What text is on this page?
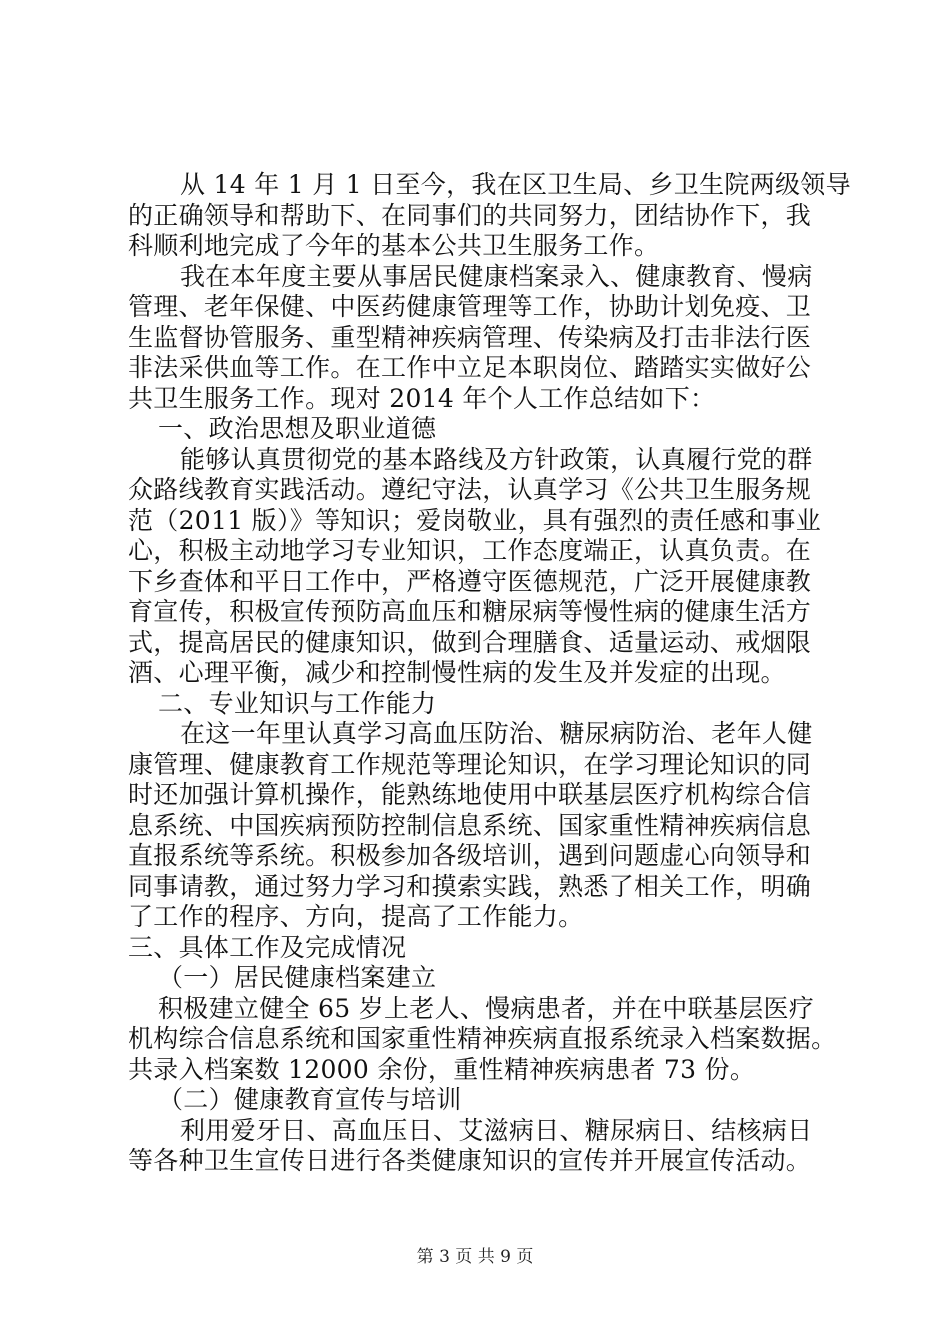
从 14 年 1 月 1 日至今，我在区卫生局、乡卫生院两级领导
的正确领导和帮助下、在同事们的共同努力，团结协作下，我
科顺利地完成了今年的基本公共卫生服务工作。
我在本年度主要从事居民健康档案录入、健康教育、慢病
管理、老年保健、中医药健康管理等工作，协助计划免疫、卫
生监督协管服务、重型精神疾病管理、传染病及打击非法行医
非法采供血等工作。在工作中立足本职岗位、踏踏实实做好公
共卫生服务工作。现对 2014 年个人工作总结如下：
一、政治思想及职业道德
能够认真贯彻党的基本路线及方针政策，认真履行党的群
众路线教育实践活动。遵纪守法，认真学习《公共卫生服务规
范（2011 版）》等知识；爱岗敬业，具有强烈的责任感和事业
心，积极主动地学习专业知识，工作态度端正，认真负责。在
下乡查体和平日工作中，严格遵守医德规范，广泛开展健康教
育宣传，积极宣传预防高血压和糖尿病等慢性病的健康生活方
式，提高居民的健康知识，做到合理膳食、适量运动、戒烟限
酒、心理平衡，减少和控制慢性病的发生及并发症的出现。
二、专业知识与工作能力
在这一年里认真学习高血压防治、糖尿病防治、老年人健
康管理、健康教育工作规范等理论知识，在学习理论知识的同
时还加强计算机操作，能熟练地使用中联基层医疗机构综合信
息系统、中国疾病预防控制信息系统、国家重性精神疾病信息
直报系统等系统。积极参加各级培训，遇到问题虚心向领导和
同事请教，通过努力学习和摸索实践，熟悉了相关工作，明确
了工作的程序、方向，提高了工作能力。
三、具体工作及完成情况
（一）居民健康档案建立
积极建立健全 65 岁上老人、慢病患者，并在中联基层医疗
机构综合信息系统和国家重性精神疾病直报系统录入档案数据。
共录入档案数 12000 余份，重性精神疾病患者 73 份。
（二）健康教育宣传与培训
利用爱牙日、高血压日、艾滋病日、糖尿病日、结核病日
等各种卫生宣传日进行各类健康知识的宣传并开展宣传活动。
第 3 页 共 9 页
